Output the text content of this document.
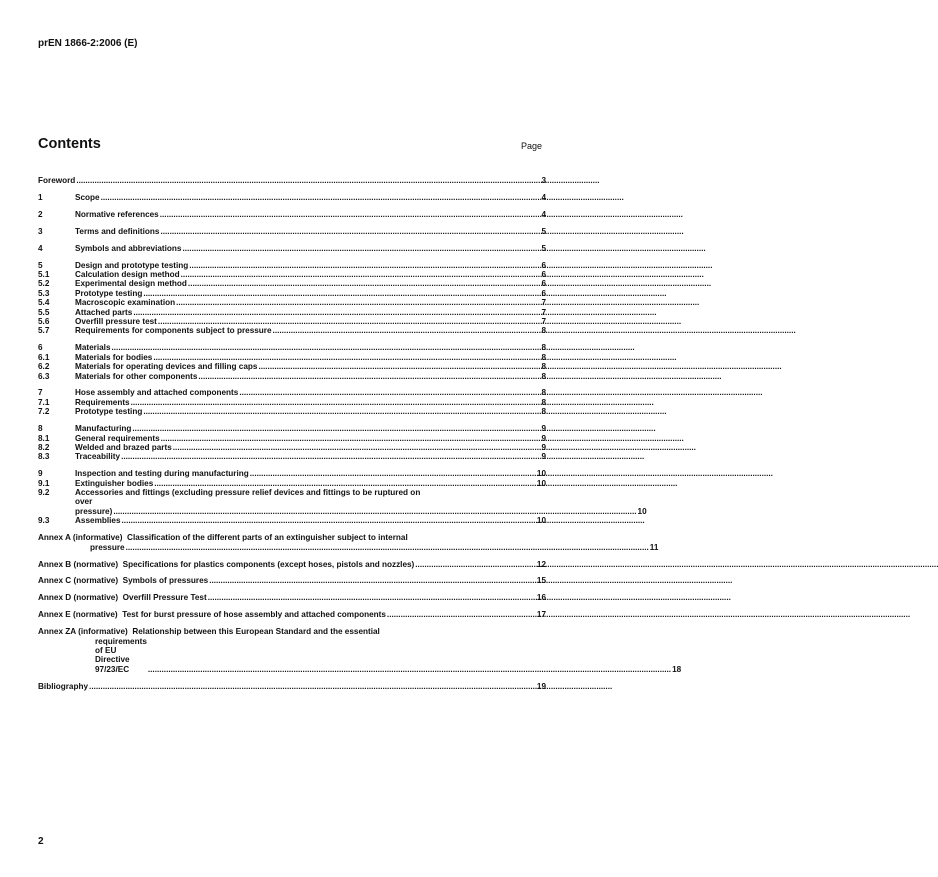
prEN 1866-2:2006 (E)
Contents	Page
Foreword .....	3
1	Scope .....	4
2	Normative references .....	4
3	Terms and definitions .....	5
4	Symbols and abbreviations .....	5
5	Design and prototype testing .....	6
5.1	Calculation design method .....	6
5.2	Experimental design method .....	6
5.3	Prototype testing .....	6
5.4	Macroscopic examination .....	7
5.5	Attached parts .....	7
5.6	Overfill pressure test .....	7
5.7	Requirements for components subject to pressure .....	8
6	Materials .....	8
6.1	Materials for bodies .....	8
6.2	Materials for operating devices and filling caps .....	8
6.3	Materials for other components .....	8
7	Hose assembly and attached components .....	8
7.1	Requirements .....	8
7.2	Prototype testing .....	8
8	Manufacturing .....	9
8.1	General requirements .....	9
8.2	Welded and brazed parts .....	9
8.3	Traceability .....	9
9	Inspection and testing during manufacturing .....	10
9.1	Extinguisher bodies .....	10
9.2	Accessories and fittings (excluding pressure relief devices and fittings to be ruptured on
over pressure) .....	10
9.3	Assemblies .....	10
Annex A (informative) Classification of the different parts of an extinguisher subject to internal
pressure .....	11
Annex B (normative) Specifications for plastics components (except hoses, pistols and nozzles) .....	12
Annex C (normative) Symbols of pressures .....	15
Annex D (normative) Overfill Pressure Test .....	16
Annex E (normative) Test for burst pressure of hose assembly and attached components .....	17
Annex ZA (informative) Relationship between this European Standard and the essential
requirements of EU Directive 97/23/EC .....	18
Bibliography .....	19
2
